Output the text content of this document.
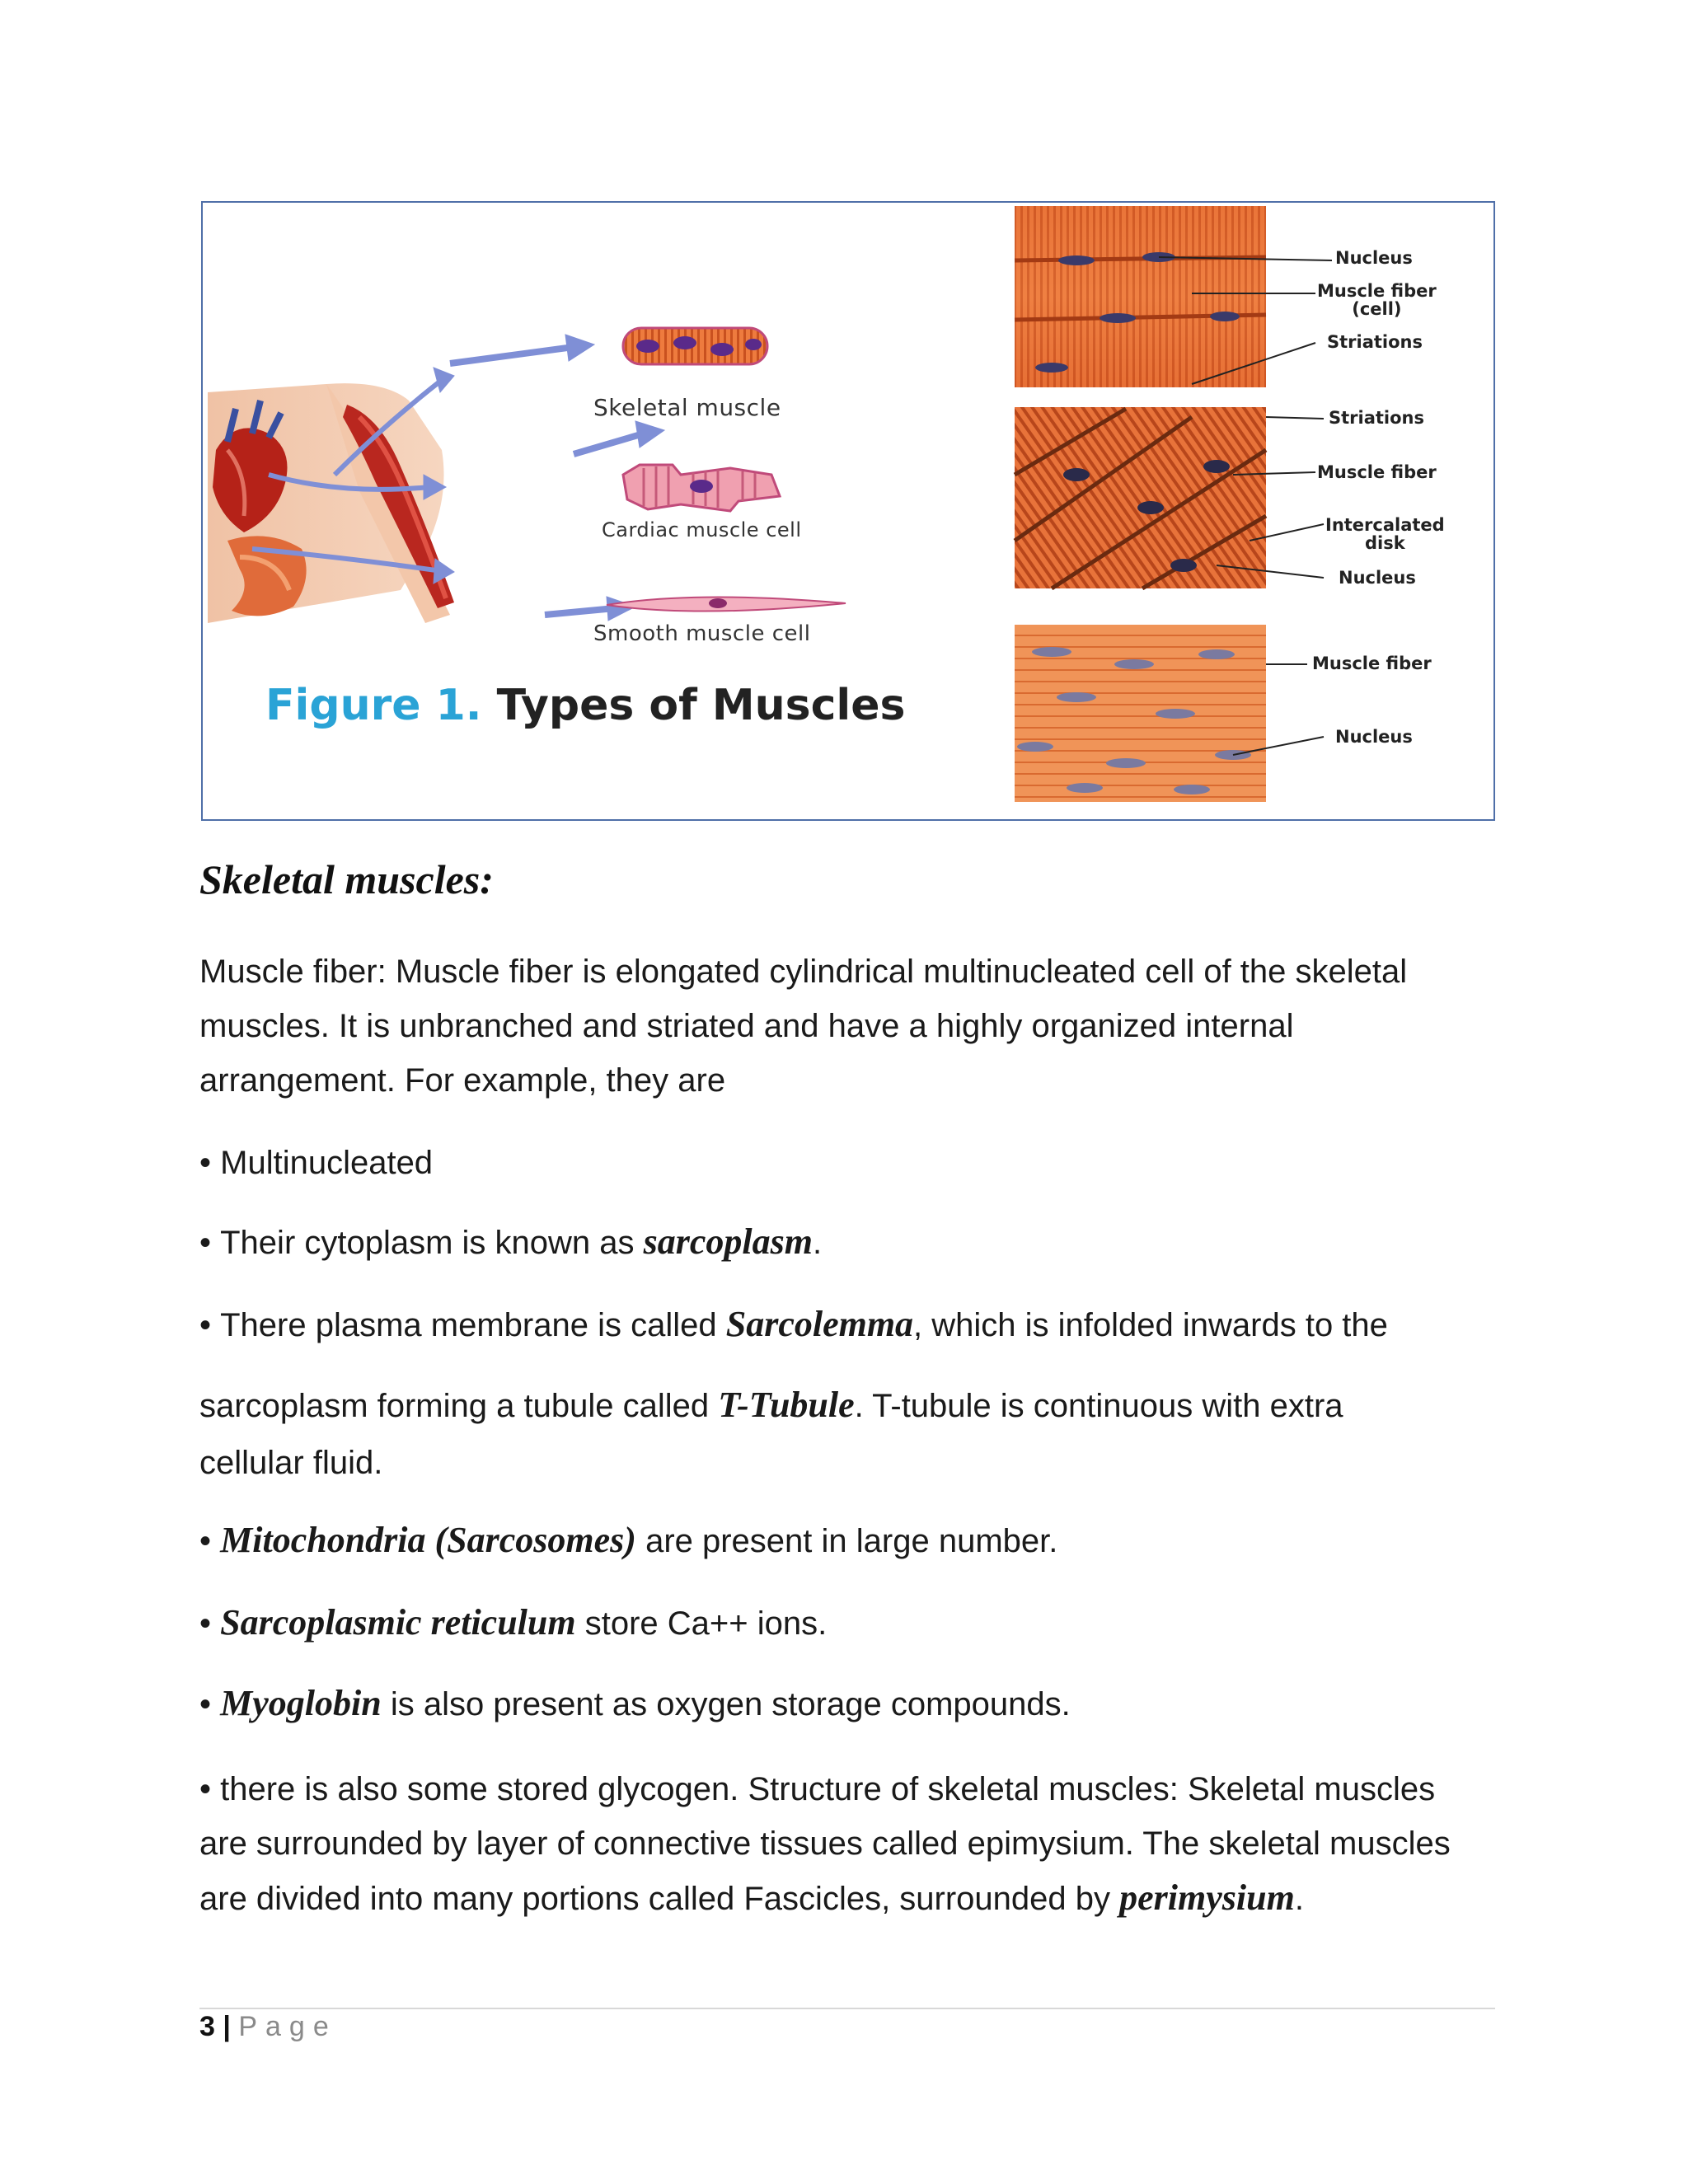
Skeletal muscle
Cardiac muscle cell
Smooth muscle cell
Nucleus
Muscle fiber
(cell)
Striations
Striations
Muscle fiber
Intercalated
disk
Nucleus
Muscle fiber
Nucleus
Figure 1. Types of Muscles
Skeletal muscles:
Muscle fiber: Muscle fiber is elongated cylindrical multinucleated cell of the skeletal muscles. It is unbranched and striated and have a highly organized internal arrangement. For example, they are
• Multinucleated
• Their cytoplasm is known as sarcoplasm.
• There plasma membrane is called Sarcolemma, which is infolded inwards to the
sarcoplasm forming a tubule called T-Tubule. T-tubule is continuous with extra
cellular fluid.
• Mitochondria (Sarcosomes) are present in large number.
• Sarcoplasmic reticulum store Ca++ ions.
• Myoglobin is also present as oxygen storage compounds.
• there is also some stored glycogen. Structure of skeletal muscles: Skeletal muscles are surrounded by layer of connective tissues called epimysium. The skeletal muscles are divided into many portions called Fascicles, surrounded by perimysium.
3 | Page
